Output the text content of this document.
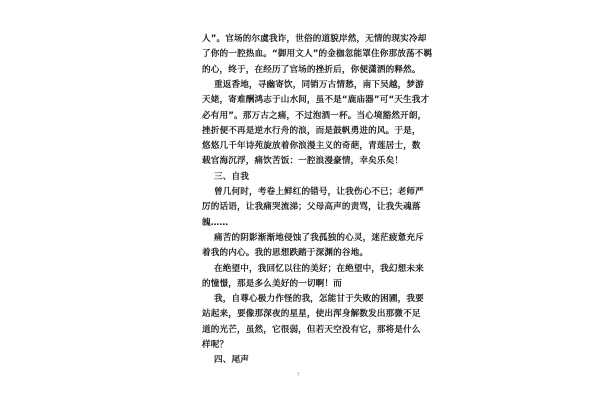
人”。官场的尔虞我诈，世俗的道貌岸然，无情的现实冷却
了你的一腔热血。“御用文人”的金枷忽能罩住你那放荡不羁
的心，终于，在经历了官场的挫折后，你便潇洒的释然。
重返香地，寻幽寄饮，同销万古情愁，南下吴越，梦游
天姥，寄难酬鸿志于山水间，虽不是“鹿庙器”可“天生我才
必有用”。那万古之痛，不过泡酒一杯。当心境豁然开朗，
挫折便不再是逆水行舟的浪，而是鼓帆勇进的风。于是，
悠悠几千年诗苑旋放着你浪漫主义的奇葩，青莲居士，数
载官海沉浮，痛饮苦饭：一腔浪漫豪情，幸矣乐矣！
三、自我
曾几何时，考卷上鲜红的错号，让我伤心不已；老师严
厉的话语，让我痛哭流涕；父母高声的责骂，让我失魂落
魄……
痛苦的阴影渐渐地侵蚀了我孤独的心灵，迷茫疲惫充斥
着我的内心。我的思想跌踏于深渊的谷地。
在绝望中，我回忆以往的美好；在绝望中，我幻想未来
的憧憬，那是多么美好的一切啊！而
我，自尊心极力作怪的我，怎能甘于失败的困圃，我要
站起来，要像那深夜的星星，使出浑身解数发出那微不足
道的光芒，虽然，它很弱，但若天空没有它，那将是什么
样呢？
四、尾声
7
